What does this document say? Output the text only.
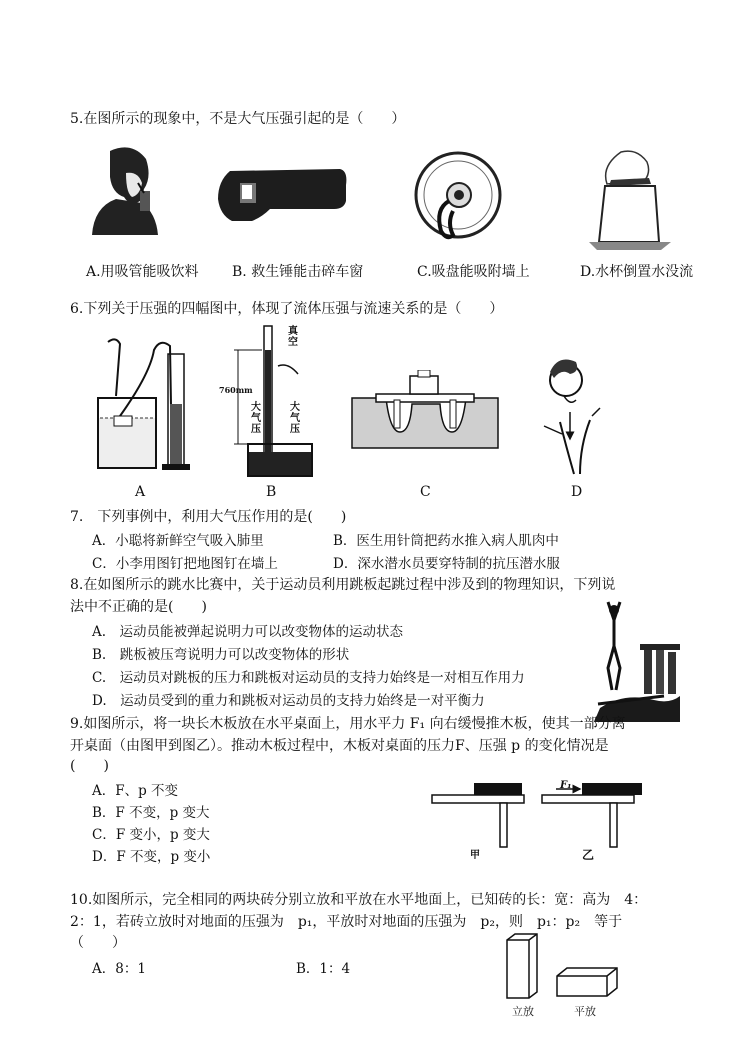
5.在图所示的现象中，不是大气压强引起的是（　　）
A.用吸管能吸饮料 B. 救生锤能击碎车窗	C.吸盘能吸附墙上	D.水杯倒置水没流
6.下列关于压强的四幅图中，体现了流体压强与流速关系的是（　　）
760mm
真空
大气压
大气压
A	B	C	D
7.　下列事例中，利用大气压作用的是(　　)
A．小聪将新鲜空气吸入肺里	B．医生用针筒把药水推入病人肌肉中
C．小李用图钉把地图钉在墙上	D．深水潜水员要穿特制的抗压潜水服
8.在如图所示的跳水比赛中，关于运动员利用跳板起跳过程中涉及到的物理知识，下列说
法中不正确的是(　　)
A.　运动员能被弹起说明力可以改变物体的运动状态
B.　跳板被压弯说明力可以改变物体的形状
C.　运动员对跳板的压力和跳板对运动员的支持力始终是一对相互作用力
D.　运动员受到的重力和跳板对运动员的支持力始终是一对平衡力
9.如图所示，将一块长木板放在水平桌面上，用水平力 F₁ 向右缓慢推木板，使其一部分离
开桌面（由图甲到图乙）。推动木板过程中，木板对桌面的压力F、压强 p 的变化情况是
(　　)
A．F、p 不变
B．F 不变，p 变大
C．F 变小，p 变大
D．F 不变，p 变小
F₁
甲	乙
10.如图所示，完全相同的两块砖分别立放和平放在水平地面上，已知砖的长：宽：高为　4：
2：1，若砖立放时对地面的压强为　p₁，平放时对地面的压强为　p₂，则　p₁：p₂　等于
（　　）
A．8：1	B．1：4
立放	平放
